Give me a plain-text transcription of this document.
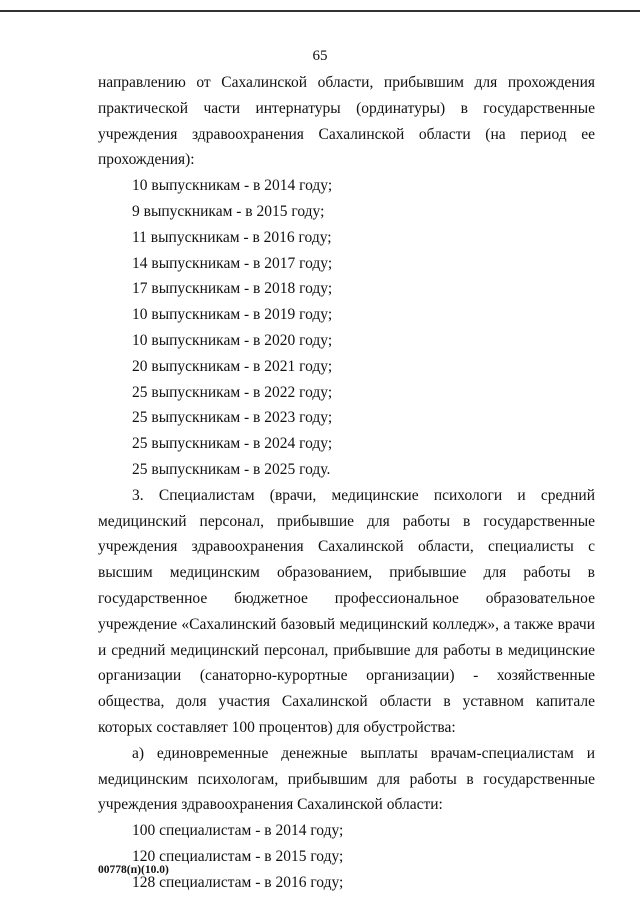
65

направлению от Сахалинской области, прибывшим для прохождения практической части интернатуры (ординатуры) в государственные учреждения здравоохранения Сахалинской области (на период ее прохождения):

10 выпускникам - в 2014 году;

9 выпускникам - в 2015 году;

11 выпускникам - в 2016 году;

14 выпускникам - в 2017 году;

17 выпускникам - в 2018 году;

10 выпускникам - в 2019 году;

10 выпускникам - в 2020 году;

20 выпускникам - в 2021 году;

25 выпускникам - в 2022 году;

25 выпускникам - в 2023 году;

25 выпускникам - в 2024 году;

25 выпускникам - в 2025 году.

3. Специалистам (врачи, медицинские психологи и средний медицинский персонал, прибывшие для работы в государственные учреждения здравоохранения Сахалинской области, специалисты с высшим медицинским образованием, прибывшие для работы в государственное бюджетное профессиональное образовательное учреждение «Сахалинский базовый медицинский колледж», а также врачи и средний медицинский персонал, прибывшие для работы в медицинские организации (санаторно-курортные организации) - хозяйственные общества, доля участия Сахалинской области в уставном капитале которых составляет 100 процентов) для обустройства:

а) единовременные денежные выплаты врачам-специалистам и медицинским психологам, прибывшим для работы в государственные учреждения здравоохранения Сахалинской области:

100 специалистам - в 2014 году;

120 специалистам - в 2015 году;

128 специалистам - в 2016 году;

00778(п)(10.0)
